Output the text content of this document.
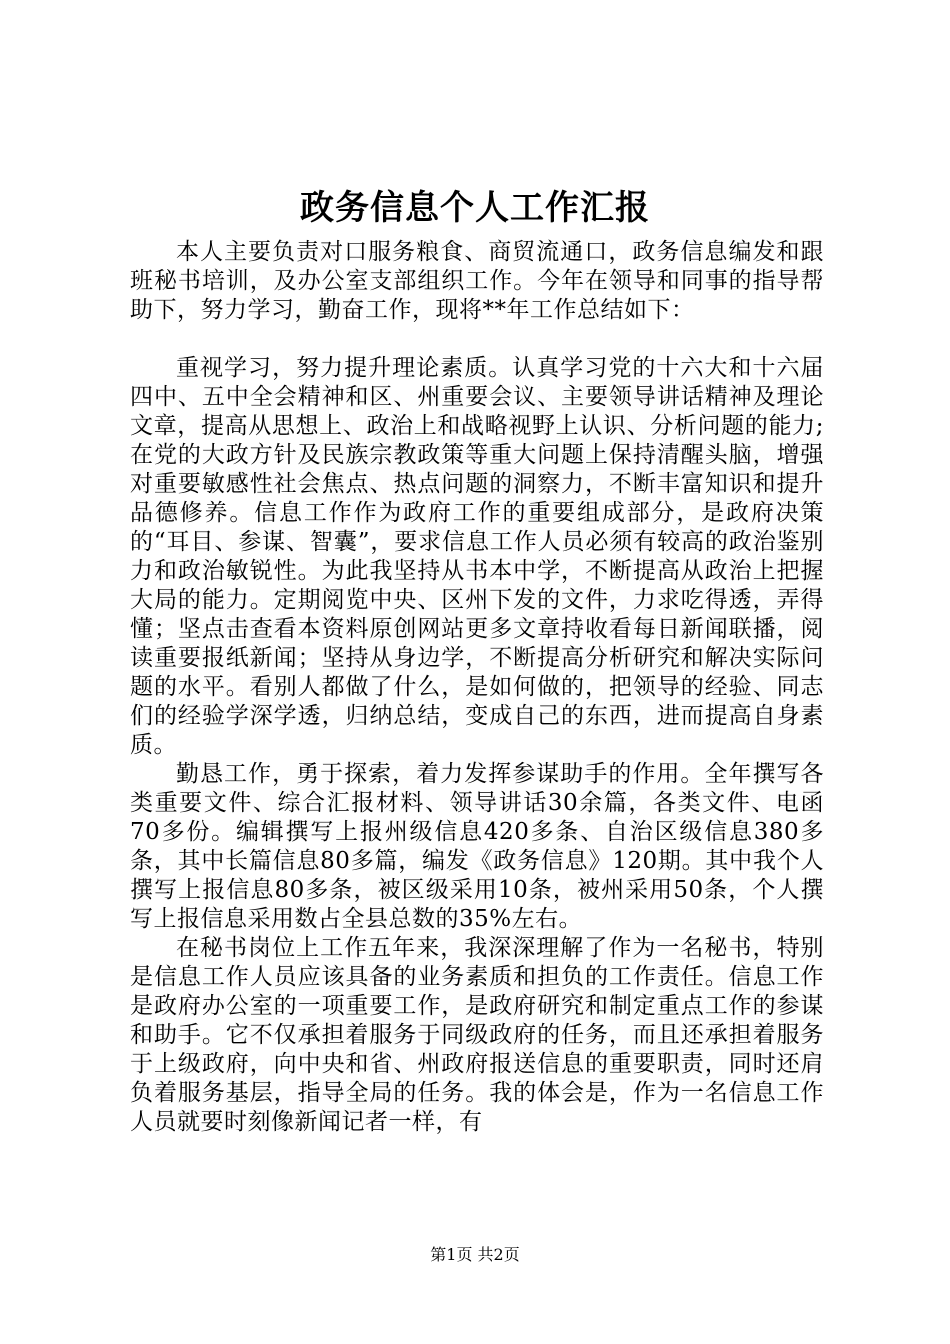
政务信息个人工作汇报

本人主要负责对口服务粮食、商贸流通口，政务信息编发和跟班秘书培训，及办公室支部组织工作。今年在领导和同事的指导帮助下，努力学习，勤奋工作，现将**年工作总结如下：

重视学习，努力提升理论素质。认真学习党的十六大和十六届四中、五中全会精神和区、州重要会议、主要领导讲话精神及理论文章，提高从思想上、政治上和战略视野上认识、分析问题的能力;在党的大政方针及民族宗教政策等重大问题上保持清醒头脑，增强对重要敏感性社会焦点、热点问题的洞察力，不断丰富知识和提升品德修养。信息工作作为政府工作的重要组成部分，是政府决策的“耳目、参谋、智囊”，要求信息工作人员必须有较高的政治鉴别力和政治敏锐性。为此我坚持从书本中学，不断提高从政治上把握大局的能力。定期阅览中央、区州下发的文件，力求吃得透，弄得懂；坚点击查看本资料原创网站更多文章持收看每日新闻联播，阅读重要报纸新闻；坚持从身边学，不断提高分析研究和解决实际问题的水平。看别人都做了什么，是如何做的，把领导的经验、同志们的经验学深学透，归纳总结，变成自己的东西，进而提高自身素质。

勤恳工作，勇于探索，着力发挥参谋助手的作用。全年撰写各类重要文件、综合汇报材料、领导讲话30余篇，各类文件、电函70多份。编辑撰写上报州级信息420多条、自治区级信息380多条，其中长篇信息80多篇，编发《政务信息》120期。其中我个人撰写上报信息80多条，被区级采用10条，被州采用50条，个人撰写上报信息采用数占全县总数的35%左右。

在秘书岗位上工作五年来，我深深理解了作为一名秘书，特别是信息工作人员应该具备的业务素质和担负的工作责任。信息工作是政府办公室的一项重要工作，是政府研究和制定重点工作的参谋和助手。它不仅承担着服务于同级政府的任务，而且还承担着服务于上级政府，向中央和省、州政府报送信息的重要职责，同时还肩负着服务基层，指导全局的任务。我的体会是，作为一名信息工作人员就要时刻像新闻记者一样，有

第1页 共2页
